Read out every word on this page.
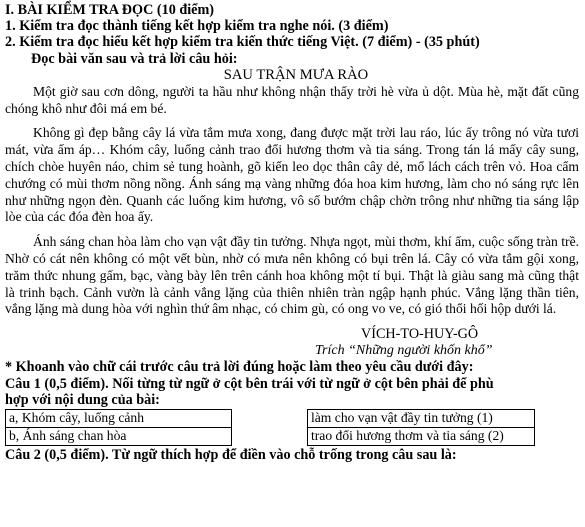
I. BÀI KIỂM TRA ĐỌC (10 điểm)
1. Kiểm tra đọc thành tiếng kết hợp kiểm tra nghe nói. (3 điểm)
2. Kiểm tra đọc hiểu kết hợp kiểm tra kiến thức tiếng Việt. (7 điểm) - (35 phút)
Đọc bài văn sau và trả lời câu hỏi:
SAU TRẬN MƯA RÀO

Một giờ sau cơn dông, người ta hầu như không nhận thấy trời hè vừa ủ dột. Mùa hè, mặt đất cũng chóng khô như đôi má em bé.

Không gì đẹp bằng cây lá vừa tắm mưa xong, đang được mặt trời lau ráo, lúc ấy trông nó vừa tươi mát, vừa ấm áp… Khóm cây, luống cảnh trao đổi hương thơm và tia sáng. Trong tán lá mấy cây sung, chích chòe huyên náo, chim sẻ tung hoành, gõ kiến leo dọc thân cây dẻ, mổ lách cách trên vỏ. Hoa cẩm chướng có mùi thơm nồng nồng. Ánh sáng mạ vàng những đóa hoa kim hương, làm cho nó sáng rực lên như những ngọn đèn. Quanh các luống kim hương, vô số bướm chập chờn trông như những tia sáng lập lòe của các đóa đèn hoa ấy.

Ánh sáng chan hòa làm cho vạn vật đầy tin tưởng. Nhựa ngọt, mùi thơm, khí ẩm, cuộc sống tràn trề. Nhờ có cát nên không có một vết bùn, nhờ có mưa nên không có bụi trên lá. Cây có vừa tắm gội xong, trăm thức nhung gấm, bạc, vàng bày lên trên cánh hoa không một tí bụi. Thật là giàu sang mà cũng thật là trinh bạch. Cảnh vườn là cảnh vắng lặng của thiên nhiên tràn ngập hạnh phúc. Vắng lặng thần tiên, vắng lặng mà dung hòa với nghìn thứ âm nhạc, có chim gù, có ong vo ve, có gió thổi hối hộp dưới lá.

VÍCH-TO-HUY-GÔ
Trích “Những người khốn khổ”
* Khoanh vào chữ cái trước câu trả lời đúng hoặc làm theo yêu cầu dưới đây:
Câu 1 (0,5 điểm). Nối từng từ ngữ ở cột bên trái với từ ngữ ở cột bên phải để phù
hợp với nội dung của bài:
a, Khóm cây, luống cảnh
b, Ánh sáng chan hòa
làm cho vạn vật đầy tin tưởng (1)
trao đổi hương thơm và tia sáng (2)
Câu 2 (0,5 điểm). Từ ngữ thích hợp để điền vào chỗ trống trong câu sau là:
